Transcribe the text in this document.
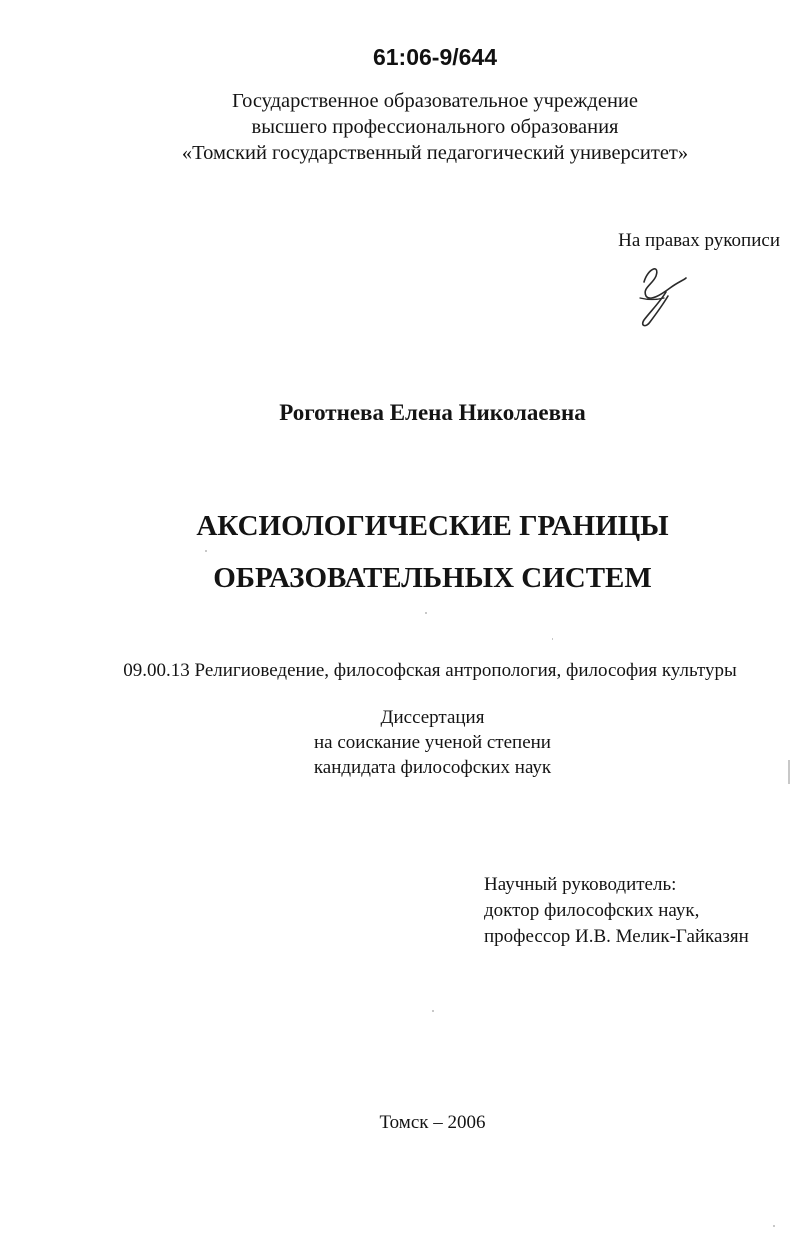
61:06-9/644
Государственное образовательное учреждение
высшего профессионального образования
«Томский государственный педагогический университет»
На правах рукописи
Роготнева Елена Николаевна
АКСИОЛОГИЧЕСКИЕ ГРАНИЦЫ
ОБРАЗОВАТЕЛЬНЫХ СИСТЕМ
09.00.13 Религиоведение, философская антропология, философия культуры
Диссертация
на соискание ученой степени
кандидата философских наук
Научный руководитель:
доктор философских наук,
профессор И.В. Мелик-Гайказян
Томск – 2006
